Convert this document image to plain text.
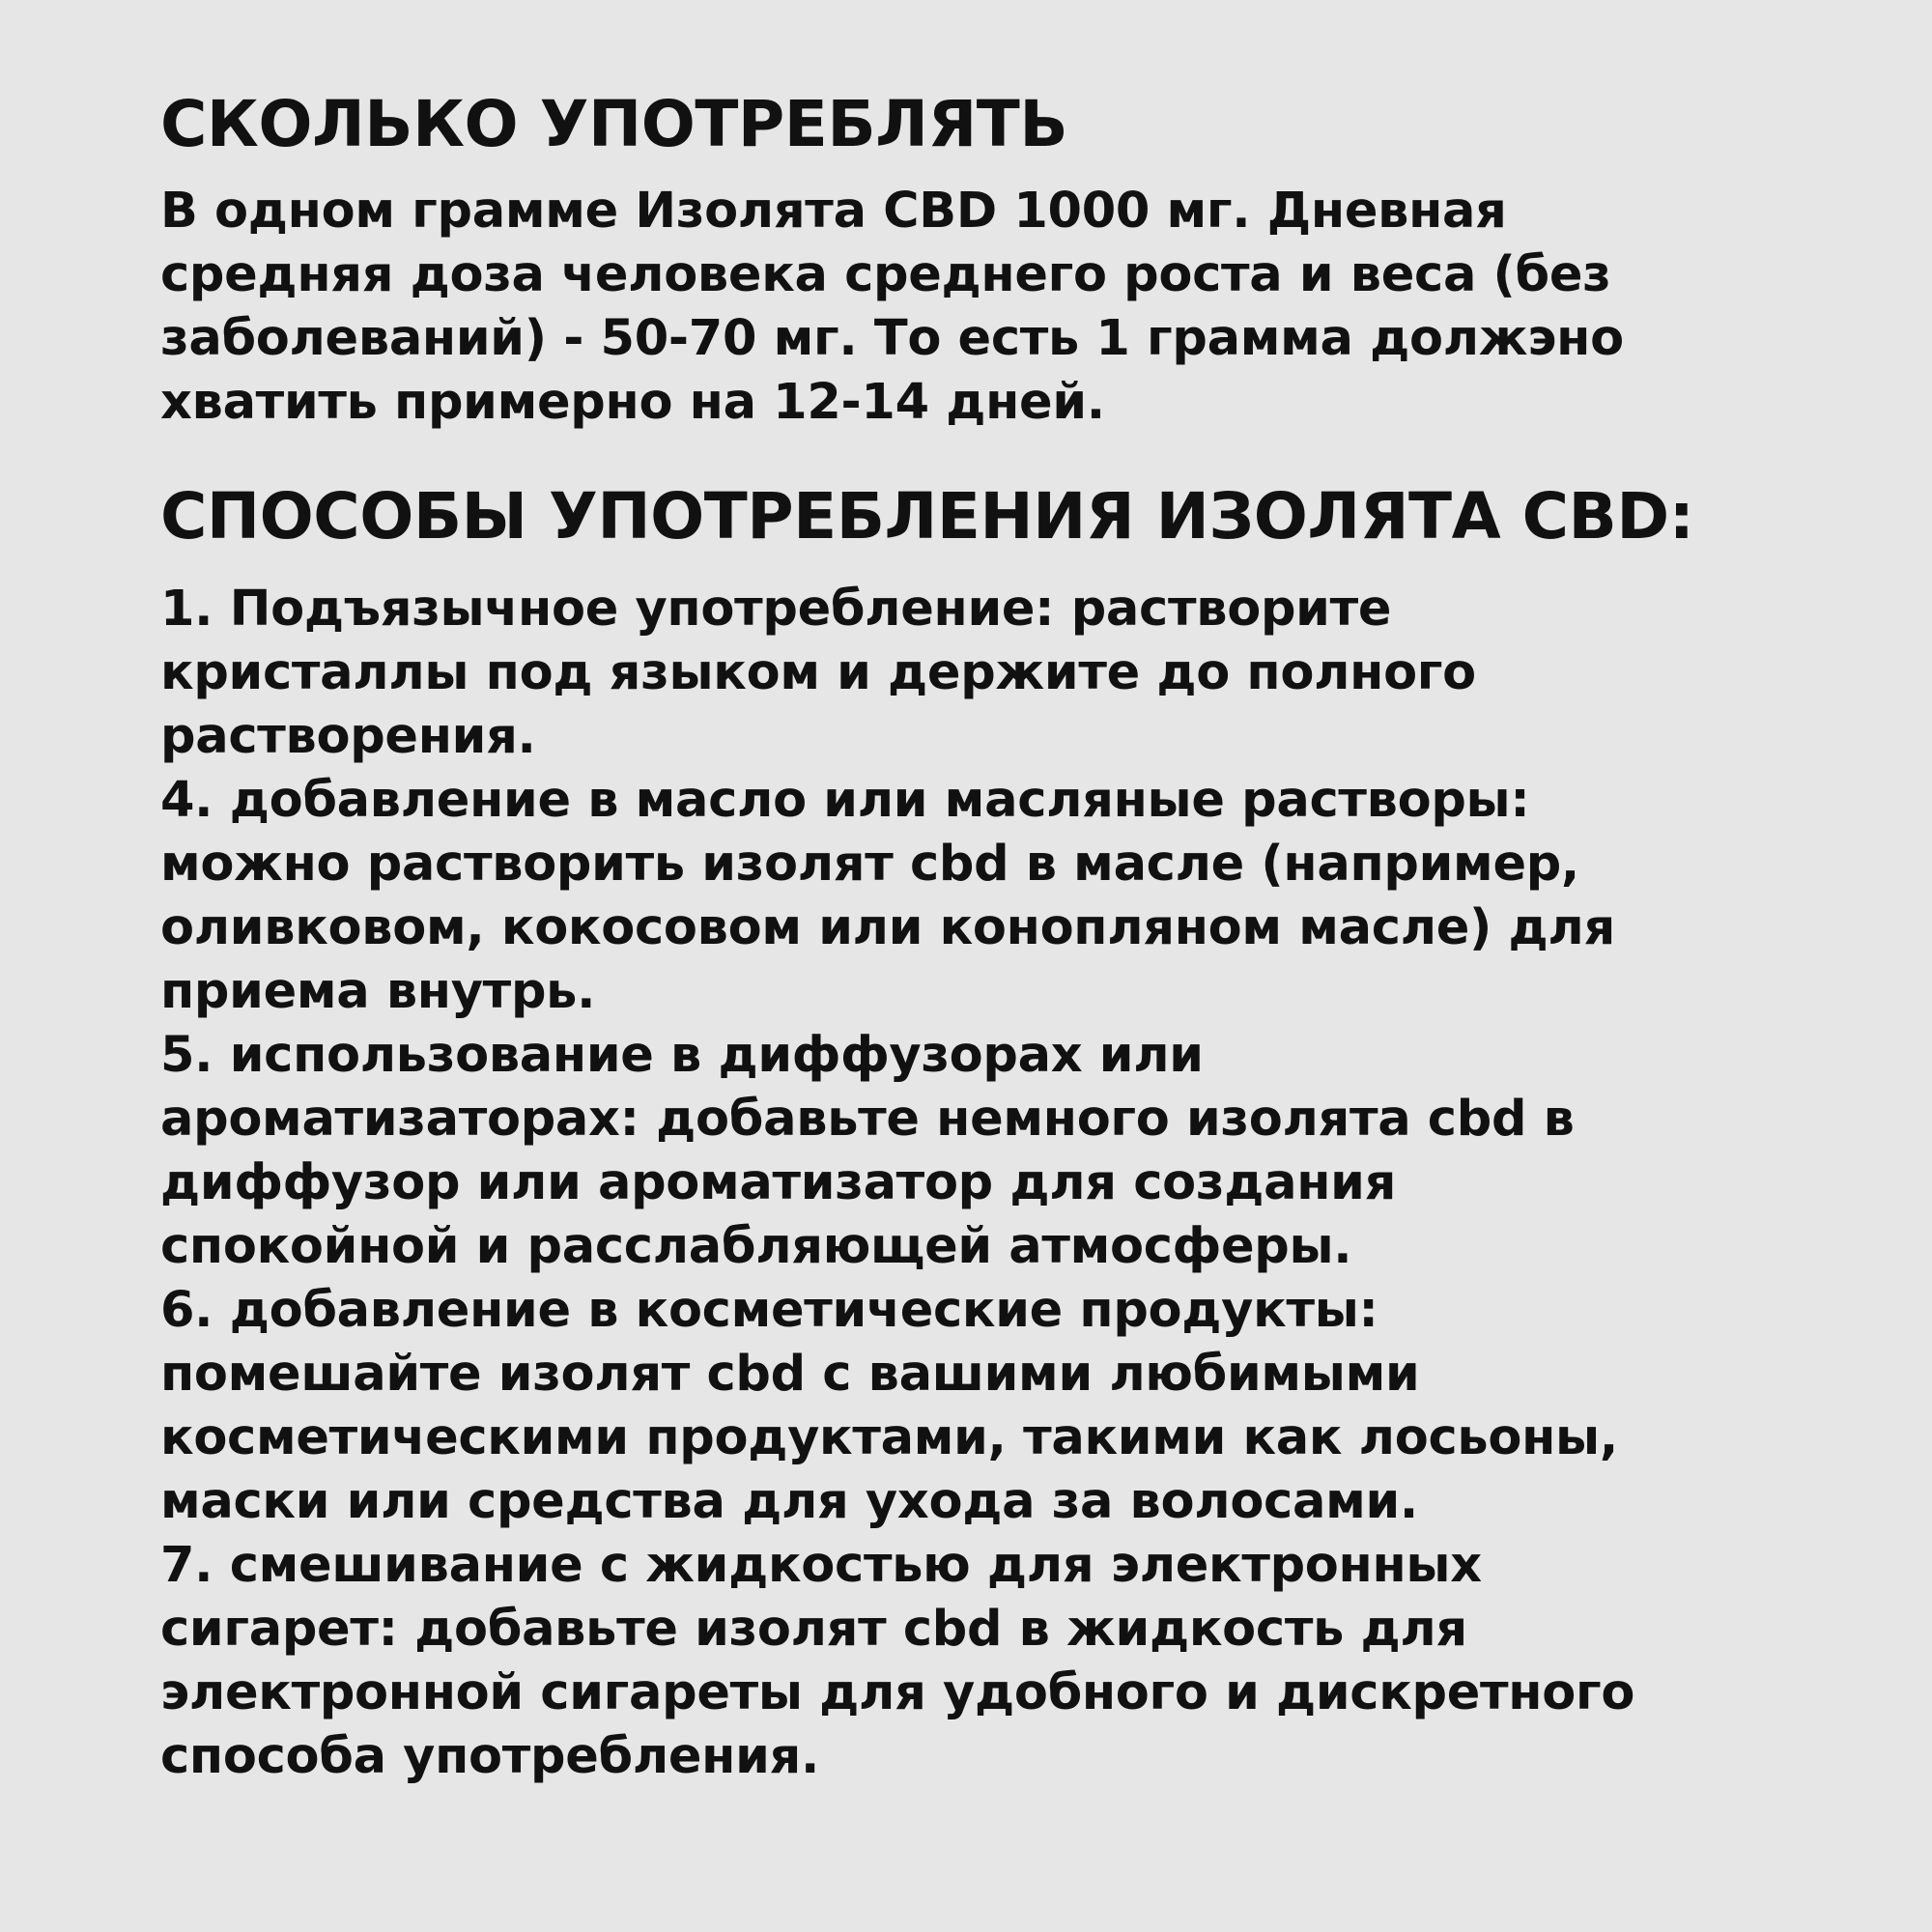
СКОЛЬКО УПОТРЕБЛЯТЬ
В одном грамме Изолята CBD 1000 мг. Дневная
средняя доза человека среднего роста и веса (без
заболеваний) - 50-70 мг. То есть 1 грамма должэно
хватить примерно на 12-14 дней.
СПОСОБЫ УПОТРЕБЛЕНИЯ ИЗОЛЯТА CBD:
1. Подъязычное употребление: растворите
кристаллы под языком и держите до полного
растворения.
4. добавление в масло или масляные растворы:
можно растворить изолят cbd в масле (например,
оливковом, кокосовом или конопляном масле) для
приема внутрь.
5. использование в диффузорах или
ароматизаторах: добавьте немного изолята cbd в
диффузор или ароматизатор для создания
спокойной и расслабляющей атмосферы.
6. добавление в косметические продукты:
помешайте изолят cbd с вашими любимыми
косметическими продуктами, такими как лосьоны,
маски или средства для ухода за волосами.
7. смешивание с жидкостью для электронных
сигарет: добавьте изолят cbd в жидкость для
электронной сигареты для удобного и дискретного
способа употребления.
